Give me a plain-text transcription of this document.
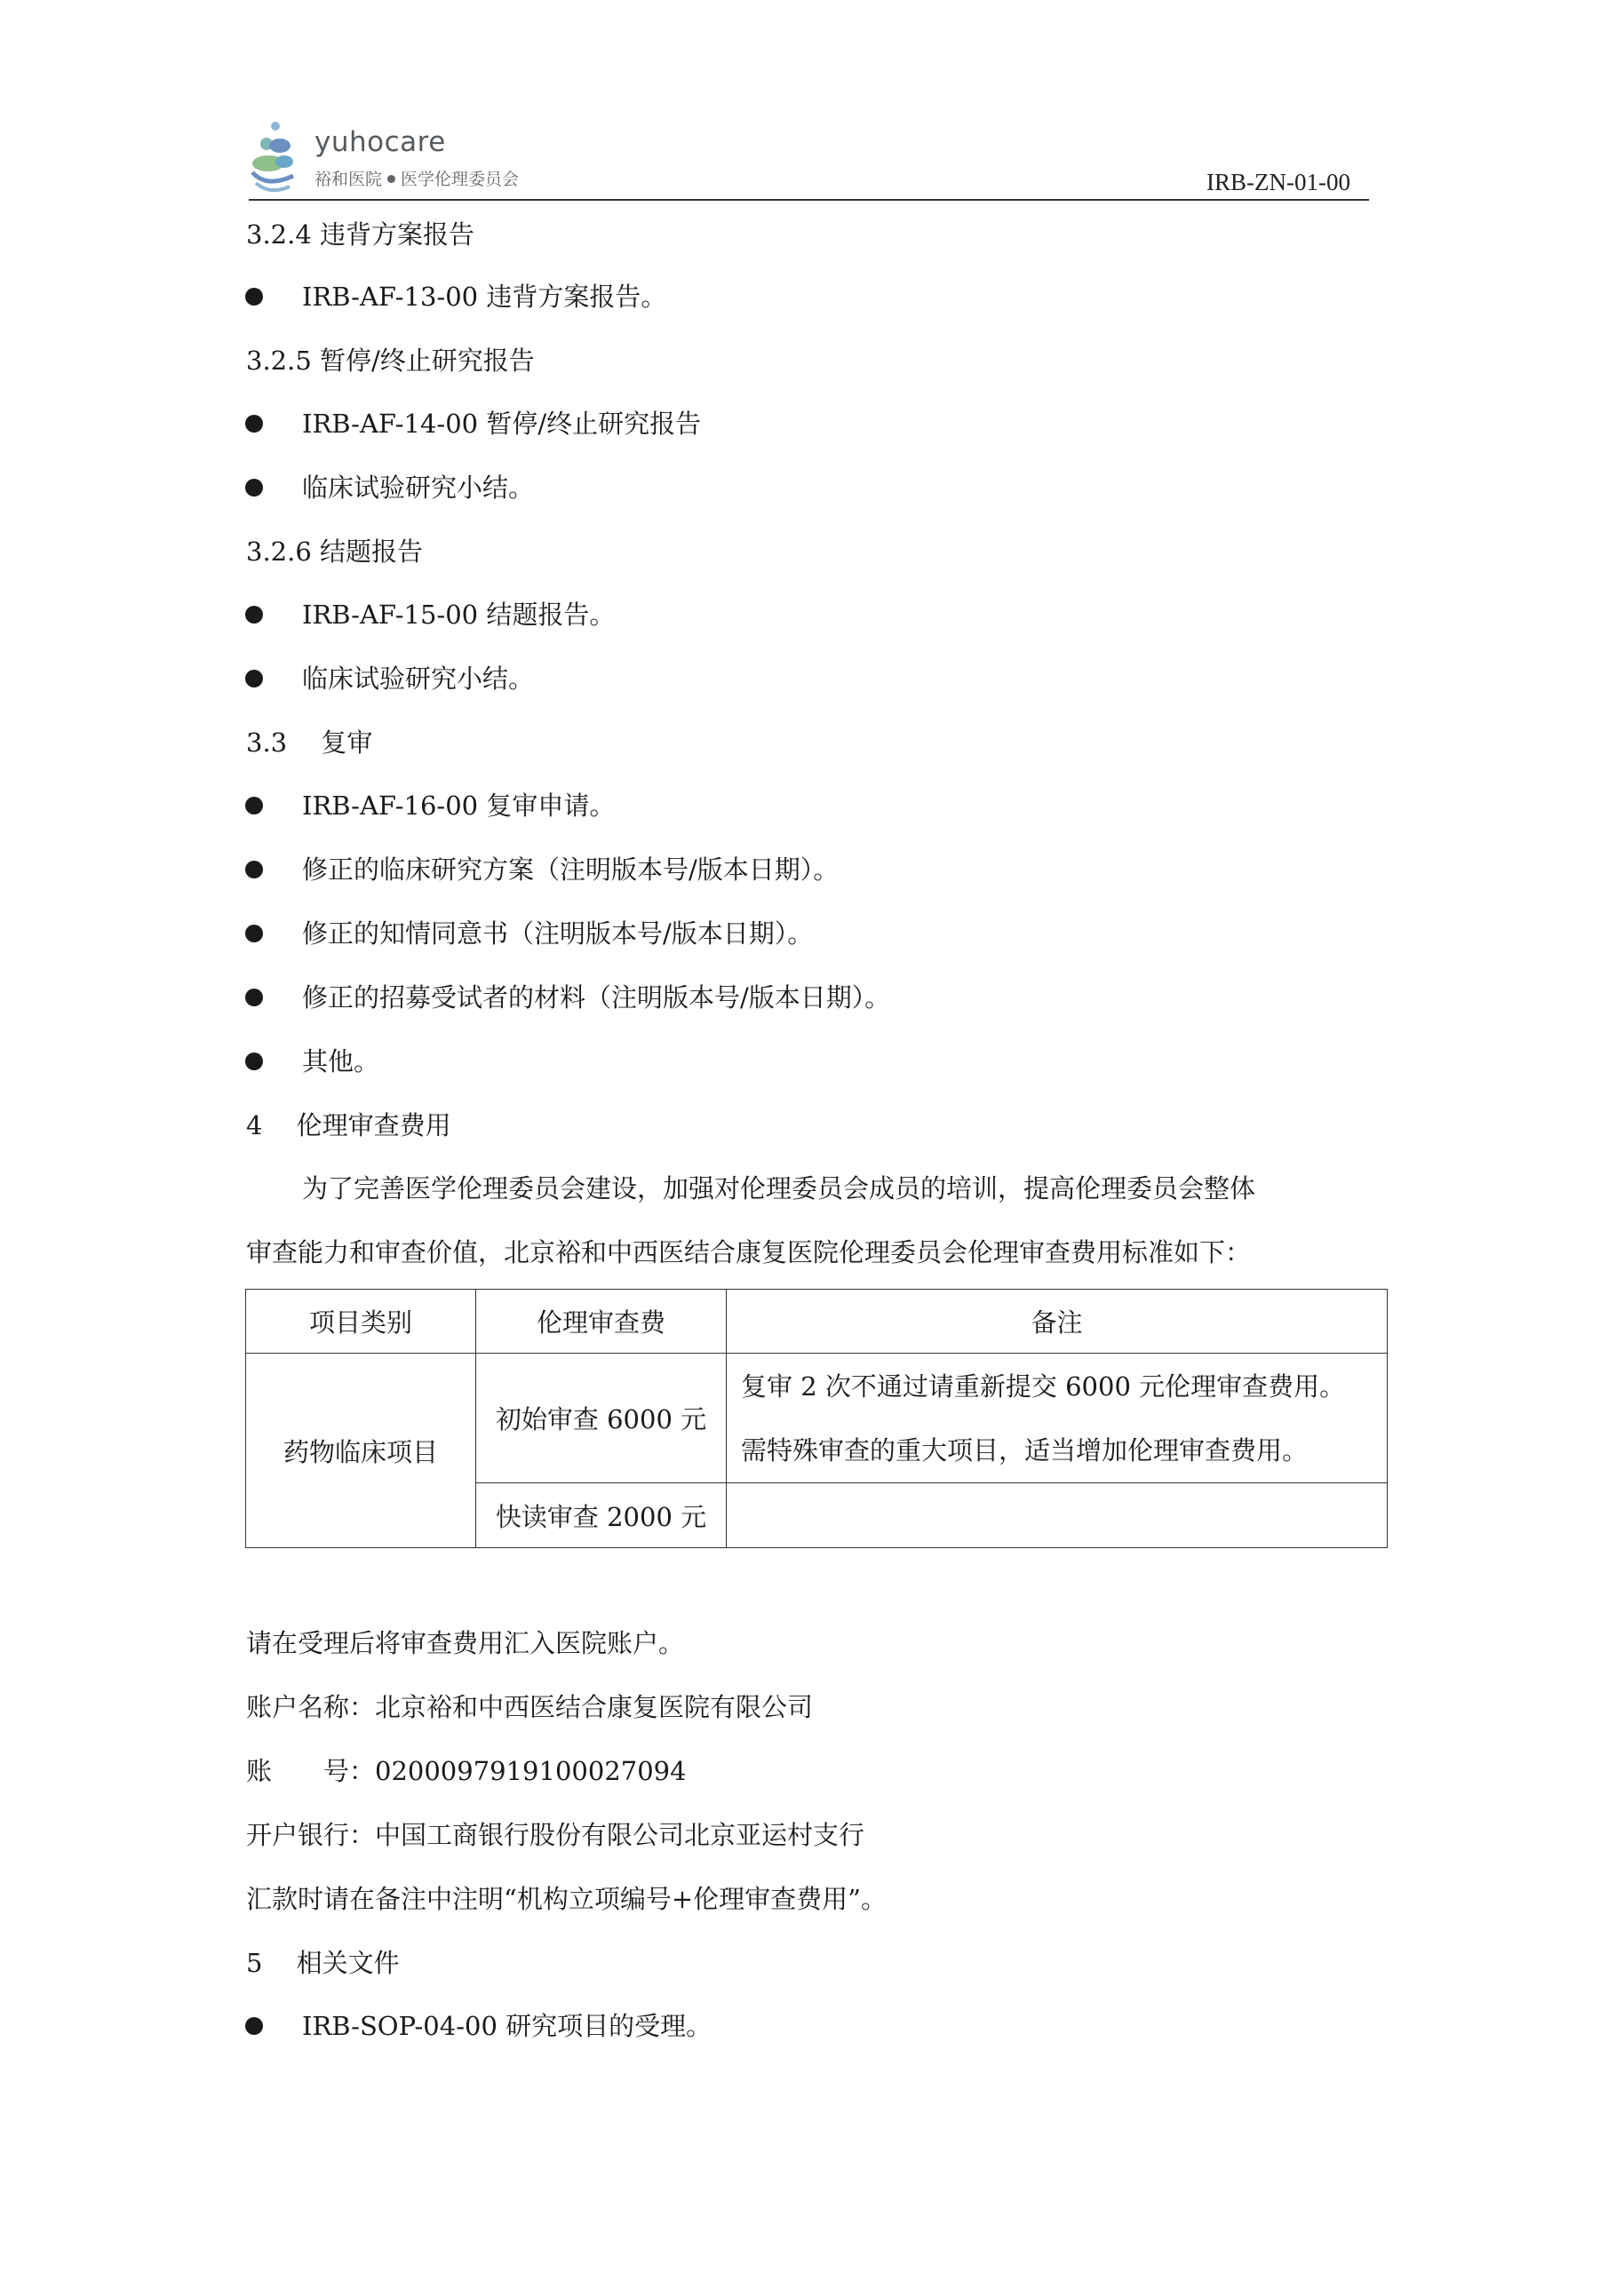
yuhocare
裕和医院 医学伦理委员会	IRB-ZN-01-00
3.2.4 违背方案报告
IRB-AF-13-00 违背方案报告。
3.2.5 暂停/终止研究报告
IRB-AF-14-00 暂停/终止研究报告
临床试验研究小结。
3.2.6 结题报告
IRB-AF-15-00 结题报告。
临床试验研究小结。
3.3　 复审
IRB-AF-16-00 复审申请。
修正的临床研究方案（注明版本号/版本日期）。
修正的知情同意书（注明版本号/版本日期）。
修正的招募受试者的材料（注明版本号/版本日期）。
其他。
4　 伦理审查费用
为了完善医学伦理委员会建设，加强对伦理委员会成员的培训，提高伦理委员会整体
审查能力和审查价值，北京裕和中西医结合康复医院伦理委员会伦理审查费用标准如下：
项目类别	伦理审查费	备注
药物临床项目	初始审查 6000 元	复审 2 次不通过请重新提交 6000 元伦理审查费用。
需特殊审查的重大项目，适当增加伦理审查费用。

	快读审查 2000 元	
请在受理后将审查费用汇入医院账户。
账户名称：北京裕和中西医结合康复医院有限公司
账　　号：0200097919100027094
开户银行：中国工商银行股份有限公司北京亚运村支行
汇款时请在备注中注明“机构立项编号+伦理审查费用”。
5　 相关文件
IRB-SOP-04-00 研究项目的受理。
